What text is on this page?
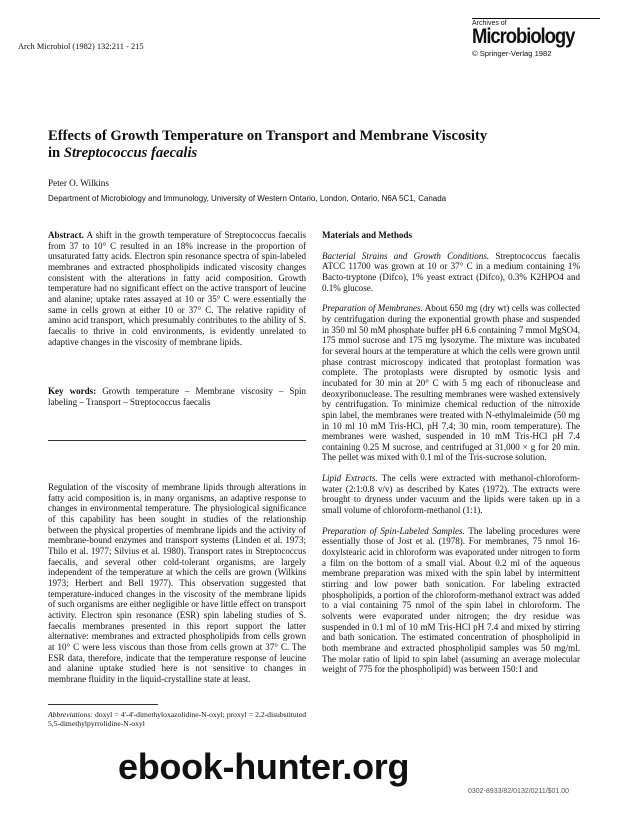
Arch Microbiol (1982) 132:211 - 215
Archives of
Microbiology
© Springer-Verlag 1982
Effects of Growth Temperature on Transport and Membrane Viscosity
in Streptococcus faecalis
Peter O. Wilkins
Department of Microbiology and Immunology, University of Western Ontario, London, Ontario, N6A 5C1, Canada

Abstract. A shift in the growth temperature of Streptococcus faecalis from 37 to 10° C resulted in an 18% increase in the proportion of unsaturated fatty acids. Electron spin resonance spectra of spin-labeled membranes and extracted phospholipids indicated viscosity changes consistent with the alterations in fatty acid composition. Growth temperature had no significant effect on the active transport of leucine and alanine; uptake rates assayed at 10 or 35° C were essentially the same in cells grown at either 10 or 37° C. The relative rapidity of amino acid transport, which presumably contributes to the ability of S. faecalis to thrive in cold environments, is evidently unrelated to adaptive changes in the viscosity of membrane lipids.

Key words: Growth temperature – Membrane viscosity – Spin labeling – Transport – Streptococcus faecalis

Regulation of the viscosity of membrane lipids through alterations in fatty acid composition is, in many organisms, an adaptive response to changes in environmental temperature. The physiological significance of this capability has been sought in studies of the relationship between the physical properties of membrane lipids and the activity of membrane-bound enzymes and transport systems (Linden et al. 1973; Thilo et al. 1977; Silvius et al. 1980). Transport rates in Streptococcus faecalis, and several other cold-tolerant organisms, are largely independent of the temperature at which the cells are grown (Wilkins 1973; Herbert and Bell 1977). This observation suggested that temperature-induced changes in the viscosity of the membrane lipids of such organisms are either negligible or have little effect on transport activity. Electron spin resonance (ESR) spin labeling studies of S. faecalis membranes presented in this report support the latter alternative: membranes and extracted phospholipids from cells grown at 10° C were less viscous than those from cells grown at 37° C. The ESR data, therefore, indicate that the temperature response of leucine and alanine uptake studied here is not sensitive to changes in membrane fluidity in the liquid-crystalline state at least.

Abbreviations: doxyl = 4'-4'-dimethyloxazolidine-N-oxyl; proxyl = 2,2-disubstituted 5,5-dimethylpyrrolidine-N-oxyl

Materials and Methods

Bacterial Strains and Growth Conditions. Streptococcus faecalis ATCC 11700 was grown at 10 or 37° C in a medium containing 1% Bacto-tryptone (Difco), 1% yeast extract (Difco), 0.3% K2HPO4 and 0.1% glucose.

Preparation of Membranes. About 650 mg (dry wt) cells was collected by centrifugation during the exponential growth phase and suspended in 350 ml 50 mM phosphate buffer pH 6.6 containing 7 mmol MgSO4, 175 mmol sucrose and 175 mg lysozyme. The mixture was incubated for several hours at the temperature at which the cells were grown until phase contrast microscopy indicated that protoplast formation was complete. The protoplasts were disrupted by osmotic lysis and incubated for 30 min at 20° C with 5 mg each of ribonuclease and deoxyribonuclease. The resulting membranes were washed extensively by centrifugation. To minimize chemical reduction of the nitroxide spin label, the membranes were treated with N-ethylmaleimide (50 mg in 10 ml 10 mM Tris-HCl, pH 7.4; 30 min, room temperature). The membranes were washed, suspended in 10 mM Tris-HCl pH 7.4 containing 0.25 M sucrose, and centrifuged at 31,000 × g for 20 min. The pellet was mixed with 0.1 ml of the Tris-sucrose solution.

Lipid Extracts. The cells were extracted with methanol-chloroform-water (2:1:0.8 v/v) as described by Kates (1972). The extracts were brought to dryness under vacuum and the lipids were taken up in a small volume of chloroform-methanol (1:1).

Preparation of Spin-Labeled Samples. The labeling procedures were essentially those of Jost et al. (1978). For membranes, 75 nmol 16-doxylstearic acid in chloroform was evaporated under nitrogen to form a film on the bottom of a small vial. About 0.2 ml of the aqueous membrane preparation was mixed with the spin label by intermittent stirring and low power bath sonication. For labeling extracted phospholipids, a portion of the chloroform-methanol extract was added to a vial containing 75 nmol of the spin label in chloroform. The solvents were evaporated under nitrogen; the dry residue was suspended in 0.1 ml of 10 mM Tris-HCl pH 7.4 and mixed by stirring and bath sonication. The estimated concentration of phospholipid in both membrane and extracted phospholipid samples was 50 mg/ml. The molar ratio of lipid to spin label (assuming an average molecular weight of 775 for the phospholipid) was between 150:1 and

ebook-hunter.org
0302-8933/82/0132/0211/$01.00
